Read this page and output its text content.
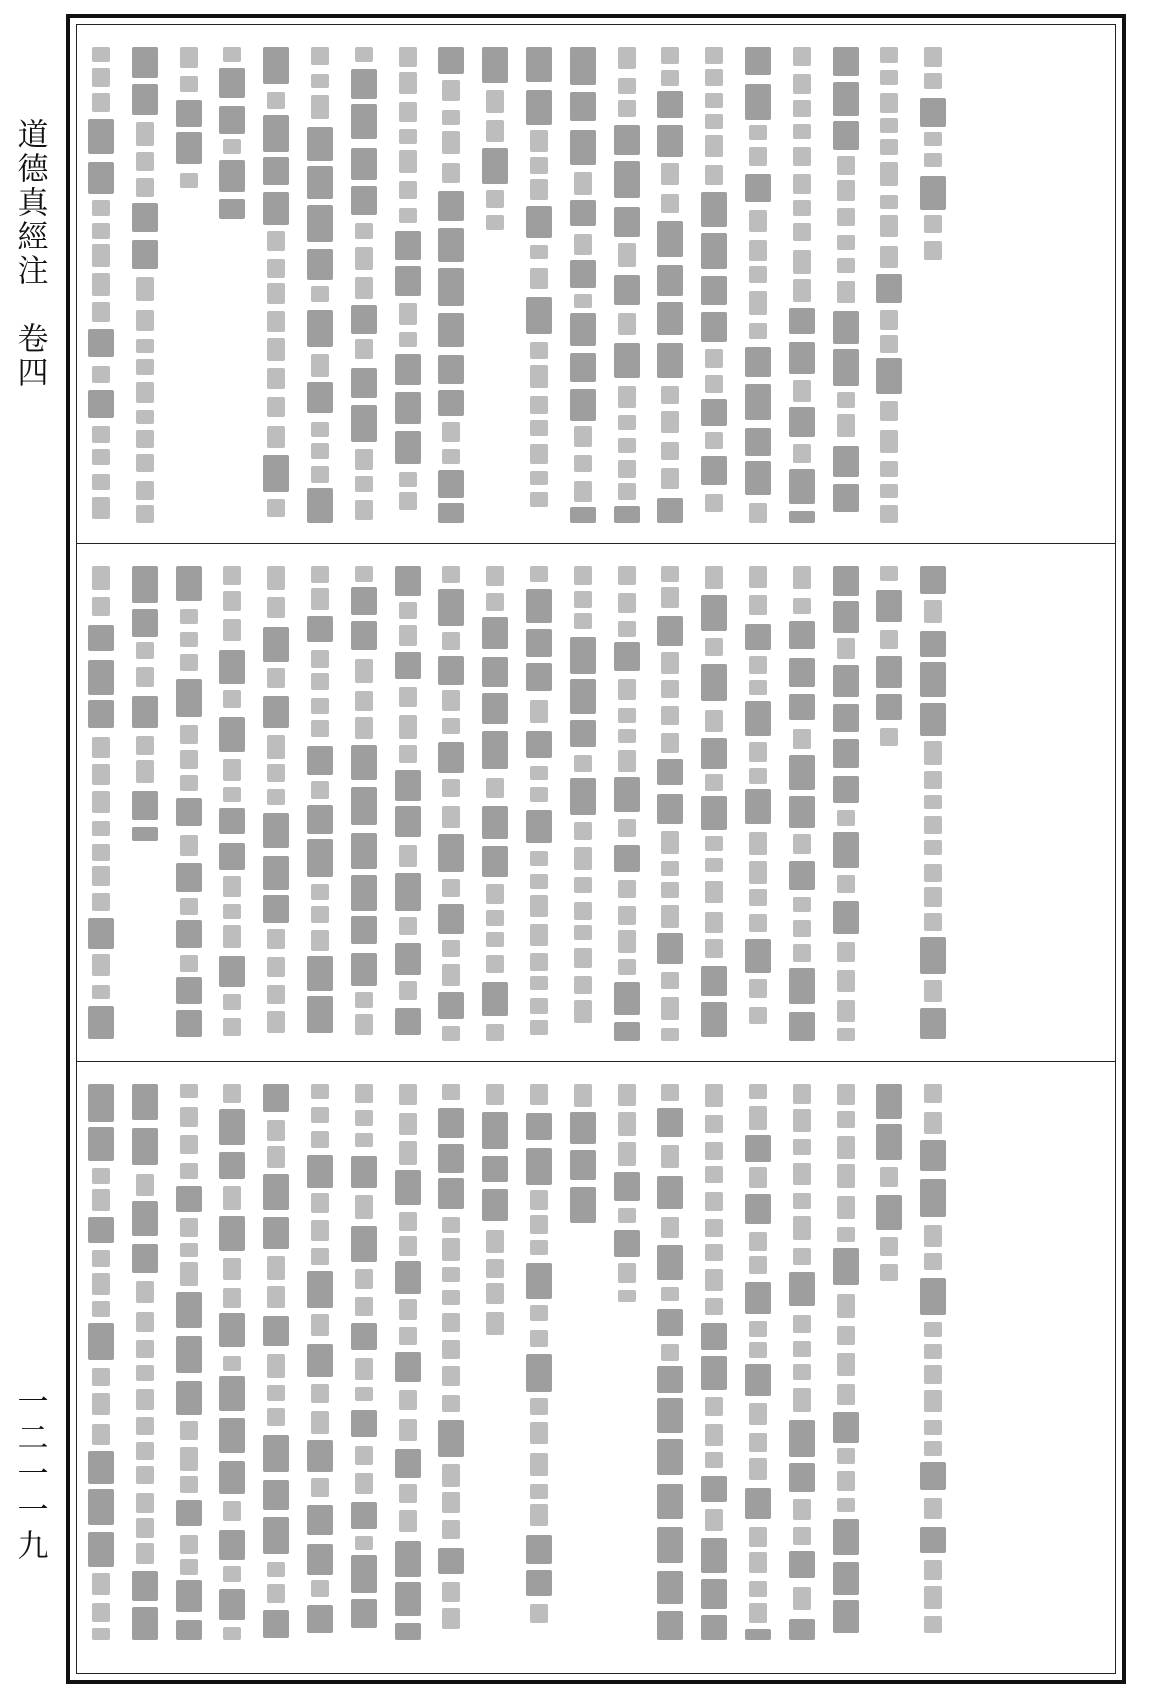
道德真經注　卷四
一二一一九
